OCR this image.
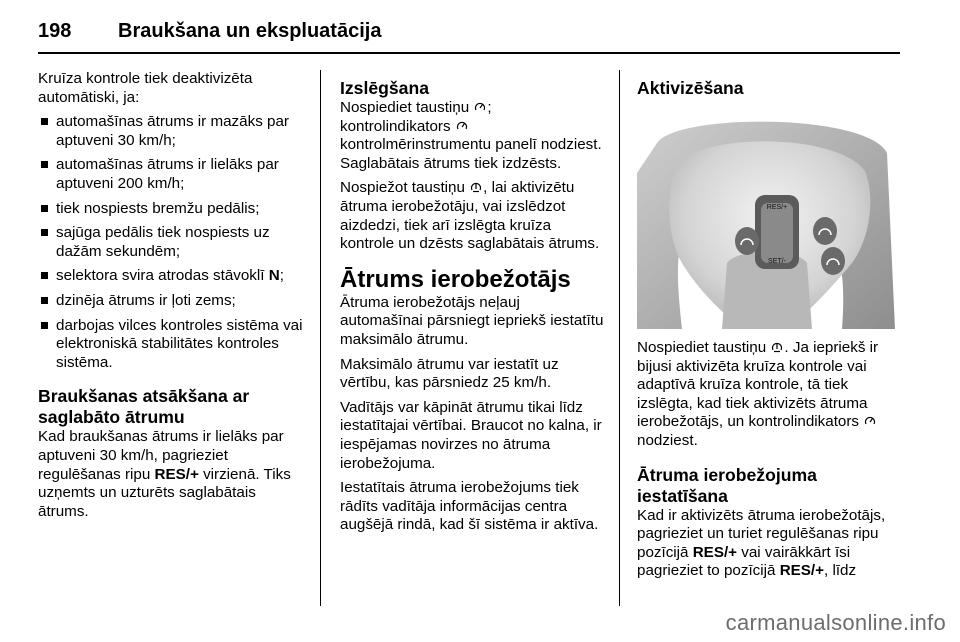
198 Braukšana un ekspluatācija

Kruīza kontrole tiek deaktivizēta automātiski, ja:

automašīnas ātrums ir mazāks par aptuveni 30 km/h;
automašīnas ātrums ir lielāks par aptuveni 200 km/h;
tiek nospiests bremžu pedālis;
sajūga pedālis tiek nospiests uz dažām sekundēm;
selektora svira atrodas stāvoklī N;
dzinēja ātrums ir ļoti zems;
darbojas vilces kontroles sistēma vai elektroniskā stabilitātes kontroles sistēma.
Braukšanas atsākšana ar saglabāto ātrumu

Kad braukšanas ātrums ir lielāks par aptuveni 30 km/h, pagrieziet regulēšanas ripu RES/+ virzienā. Tiks uzņemts un uzturēts saglabātais ātrums.

Izslēgšana

Nospiediet taustiņu ; kontrolindikators  kontrolmērinstrumentu panelī nodziest. Saglabātais ātrums tiek izdzēsts.

Nospiežot taustiņu , lai aktivizētu ātruma ierobežotāju, vai izslēdzot aizdedzi, tiek arī izslēgta kruīza kontrole un dzēsts saglabātais ātrums.

Ātrums ierobežotājs

Ātruma ierobežotājs neļauj automašīnai pārsniegt iepriekš iestatītu maksimālo ātrumu.

Maksimālo ātrumu var iestatīt uz vērtību, kas pārsniedz 25 km/h.

Vadītājs var kāpināt ātrumu tikai līdz iestatītajai vērtībai. Braucot no kalna, ir iespējamas novirzes no ātruma ierobežojuma.

Iestatītais ātruma ierobežojums tiek rādīts vadītāja informācijas centra augšējā rindā, kad šī sistēma ir aktīva.

Aktivizēšana
RES/+
SET/-

Nospiediet taustiņu . Ja iepriekš ir bijusi aktivizēta kruīza kontrole vai adaptīvā kruīza kontrole, tā tiek izslēgta, kad tiek aktivizēts ātruma ierobežotājs, un kontrolindikators  nodziest.

Ātruma ierobežojuma iestatīšana

Kad ir aktivizēts ātruma ierobežotājs, pagrieziet un turiet regulēšanas ripu pozīcijā RES/+ vai vairākkārt īsi pagrieziet to pozīcijā RES/+, līdz

carmanualsonline.info
